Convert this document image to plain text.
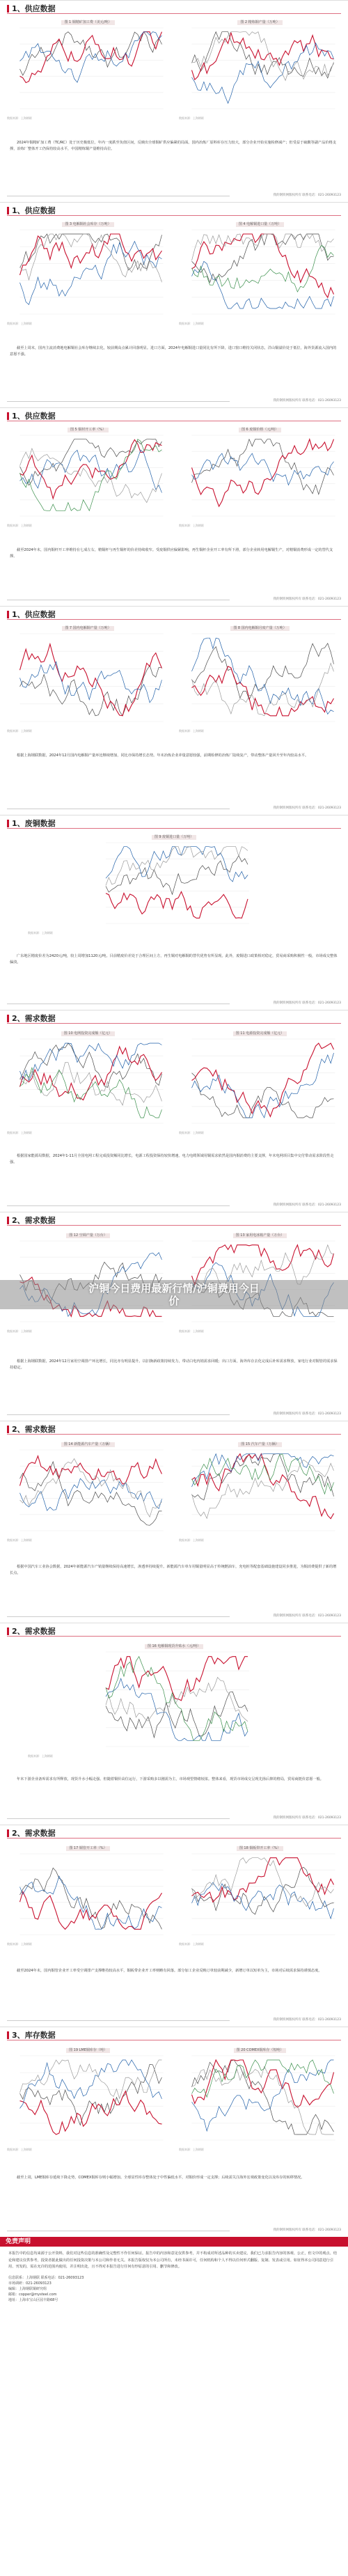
1、供应数据
图 1 铜精矿加工费（美元/吨）
数据来源：上海钢联
图 2 精炼铜产量（万吨）
数据来源：上海钢联
2024年铜精矿加工费（TC/RC）处于历史极低位，年内一度跌至负值区间，反映出全球铜矿供应偏紧的局面。国内冶炼厂原料库存压力较大，部分企业开始实施检修减产；但受益于硫酸等副产品价格支撑，冶炼厂整体开工仍保持较高水平，中国精炼铜产量维持高位。
我的钢铁网版权所有 联系电话：021-26093123
1、供应数据
图 3 电解铜社会库存（万吨）
数据来源：上海钢联
图 4 电解铜进口量（万吨）
数据来源：上海钢联
截至上周末，国内主流消费地电解铜社会库存继续去化，较前期高点累计回落明显。进口方面，2024年电解铜进口量同比有所下降，进口窗口维持关闭状态，洋山铜溢价处于低位，海外货源流入国内的意愿不强。
我的钢铁网版权所有 联系电话：021-26093123
1、供应数据
图 5 铜材开工率（%）
数据来源：上海钢联
图 6 废铜价格（元/吨）
数据来源：上海钢联
截至2024年末，国内铜杆开工率维持在七成左右，精铜杆与再生铜杆的价差持续收窄。受废铜供应偏紧影响，再生铜杆企业开工率有所下滑，部分企业转用电解铜生产，对精铜消费形成一定的替代支撑。
我的钢铁网版权所有 联系电话：021-26093123
1、供应数据
图 7 国内电解铜产量（万吨）
数据来源：上海钢联
图 8 国内电解铜月度产量（万吨）
数据来源：上海钢联
根据上海钢联数据，2024年12月国内电解铜产量环比继续增加，同比亦保持增长态势。年末冶炼企业冲量意愿较强，前期检修的冶炼厂陆续复产，带动整体产量回升至年内较高水平。
我的钢铁网版权所有 联系电话：021-26093123
1、废铜数据
图 9 废铜进口量（万吨）
数据来源：上海钢联
广东地区精废价差为2420元/吨，较上周增加1120元/吨。目前精废价差处于合理区间上方，再生铜对电解铜的替代优势有所显现。此外，废铜进口政策相对稳定，贸易商采购积极性一般，市场成交整体偏淡。
我的钢铁网版权所有 联系电话：021-26093123
2、需求数据
图 10 电网投资完成额（亿元）
数据来源：上海钢联
图 11 电源投资完成额（亿元）
数据来源：上海钢联
根据国家能源局数据，2024年1-11月全国电网工程完成投资额同比增长，电源工程投资保持较快增速。电力电缆领域用铜需求依然是国内铜消费的主要支撑，年末电网项目集中交付带动需求阶段性走强。
我的钢铁网版权所有 联系电话：021-26093123
2、需求数据
图 12 空调产量（万台）
数据来源：上海钢联
图 13 家用电冰箱产量（万台）
数据来源：上海钢联
根据上海钢联数据，2024年12月家用空调排产环比增长，同比亦有明显提升。以旧换新政策持续发力，带动白电内销需求回暖；出口方面，海外库存去化完成后补库需求释放，家电行业对铜管的需求保持稳定。
我的钢铁网版权所有 联系电话：021-26093123
2、需求数据
图 14 新能源汽车产量（万辆）
数据来源：上海钢联
图 15 汽车产量（万辆）
数据来源：上海钢联
根据中国汽车工业协会数据，2024年新能源汽车产销量继续保持高速增长，渗透率持续提升。新能源汽车单车用铜量明显高于传统燃油车，充电桩等配套基础设施建设同步推进，为铜消费提供了新的增长点。
我的钢铁网版权所有 联系电话：021-26093123
2、需求数据
图 16 电解铜现货升贴水（元/吨）
数据来源：上海钢联
年末下游企业备库需求有所释放，现货升水小幅走强。但随着铜价高位运行，下游采购多以刚需为主，市场观望情绪较浓。整体来看，现货市场成交呈现先扬后抑的格局，贸易商挺价意愿一般。
我的钢铁网版权所有 联系电话：021-26093123
2、需求数据
图 17 铜管开工率（%）
数据来源：上海钢联
图 18 铜板带开工率（%）
数据来源：上海钢联
截至2024年末，国内铜管企业开工率受空调排产支撑维持较高水平，铜板带企业开工率则略有回落。部分加工企业反映订单较前期减少，新增订单以短单为主，市场对后续需求保持谨慎态度。
我的钢铁网版权所有 联系电话：021-26093123
3、库存数据
图 19 LME铜库存（吨）
数据来源：上海钢联
图 20 COMEX铜库存（短吨）
数据来源：上海钢联
截至上周，LME铜库存延续下降走势，COMEX铜库存则小幅增加。全球显性库存整体处于中性偏低水平，对铜价形成一定支撑；后续需关注海外宏观政策变化以及库存的转移情况。
我的钢铁网版权所有 联系电话：021-26093123
沪铜今日费用最新行情/沪铜费用今日价
免责声明
本报告中的信息均来源于公开资料，我们对这些信息的准确性及完整性不作任何保证。报告中的内容和意见仅供参考，并不构成对所述品种的买卖建议。我们已力求报告内容的客观、公正，但文中的观点、结论和建议仅供参考，投资者据此做出的任何投资决策与本公司和作者无关。本报告版权仅为本公司所有，未经书面许可，任何机构和个人不得以任何形式翻版、复制、发表或引用。如征得本公司同意进行引用、刊发的，需在允许的范围内使用，并注明出处，且不得对本报告进行任何有悖原意的引用、删节和修改。
信息联系：上海钢联 联系电话：021-26093123
市场调研：021-26093123
编辑：上海钢联铜研究组
邮箱：copper@mysteel.com
地址：上海市宝山区园丰路68号
